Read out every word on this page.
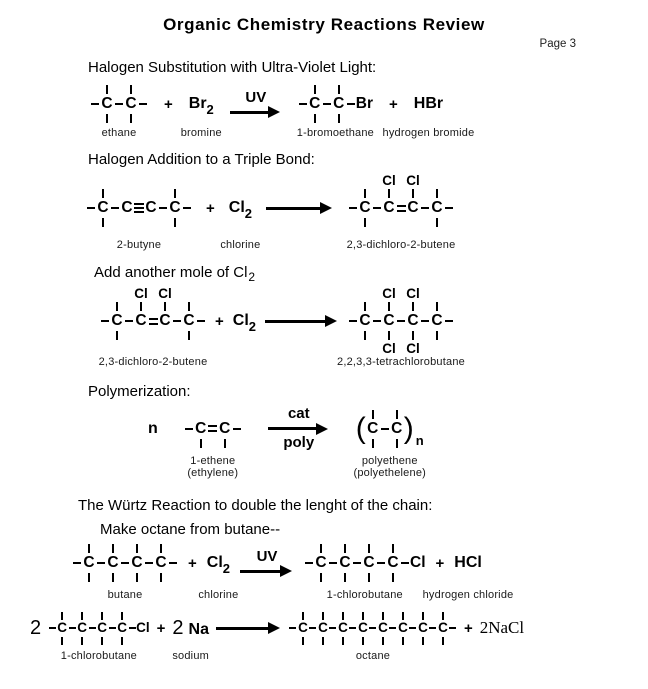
Organic Chemistry Reactions Review
Page 3
Halogen Substitution with Ultra-Violet Light:
C C
ethane
+ Br 2
bromine
UV	C C Br
1-bromoethane
+ HBr
hydrogen bromide
Halogen Addition to a Triple Bond:
C C C C
2-butyne
+ Cl 2
chlorine
C
Cl
C
Cl
C C
2,3-dichloro-2-butene
Add another mole of $Cl_2$
C
Cl
C
Cl
C C
2,3-dichloro-2-butene
+ Cl 2	C
Cl
C
Cl
Cl
C
Cl
C
2,2,3,3-tetrachlorobutane
Polymerization:
n C C
1-ethene
(ethylene)
cat
poly ( C C ) n
polyethene
(polyethelene)
The Würtz Reaction to double the lenght of the chain:
Make octane from butane--
C C C C
butane
+ Cl 2
chlorine
UV C C C C Cl
1-chlorobutane
+ HCl
hydrogen chloride
2 C C C C Cl
1-chlorobutane
+ 2 Na
sodium
C C C C C C C C
octane
+ 2NaCl
